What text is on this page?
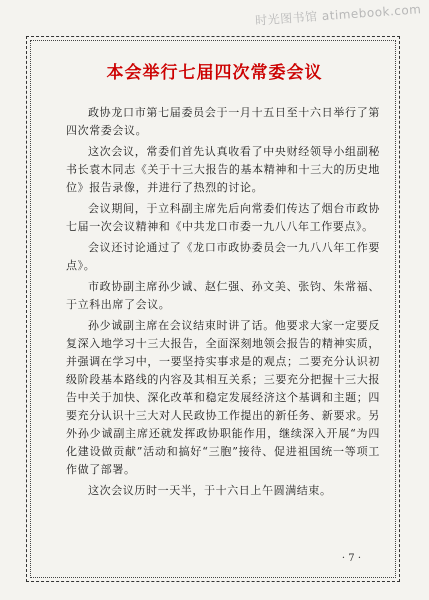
时光图书馆 atimebook.com
本会举行七届四次常委会议

政协龙口市第七届委员会于一月十五日至十六日举行了第四次常委会议。

这次会议，常委们首先认真收看了中央财经领导小组副秘书长袁木同志《关于十三大报告的基本精神和十三大的历史地位》报告录像，并进行了热烈的讨论。

会议期间，于立科副主席先后向常委们传达了烟台市政协七届一次会议精神和《中共龙口市委一九八八年工作要点》。

会议还讨论通过了《龙口市政协委员会一九八八年工作要点》。

市政协副主席孙少诚、赵仁强、孙文美、张钧、朱常福、于立科出席了会议。

孙少诚副主席在会议结束时讲了话。他要求大家一定要反复深入地学习十三大报告，全面深刻地领会报告的精神实质，并强调在学习中，一要坚持实事求是的观点；二要充分认识初级阶段基本路线的内容及其相互关系；三要充分把握十三大报告中关于加快、深化改革和稳定发展经济这个基调和主题；四要充分认识十三大对人民政协工作提出的新任务、新要求。另外孙少诚副主席还就发挥政协职能作用，继续深入开展“为四化建设做贡献”活动和搞好“三胞”接待、促进祖国统一等项工作做了部署。

这次会议历时一天半，于十六日上午圆满结束。

· 7 ·
